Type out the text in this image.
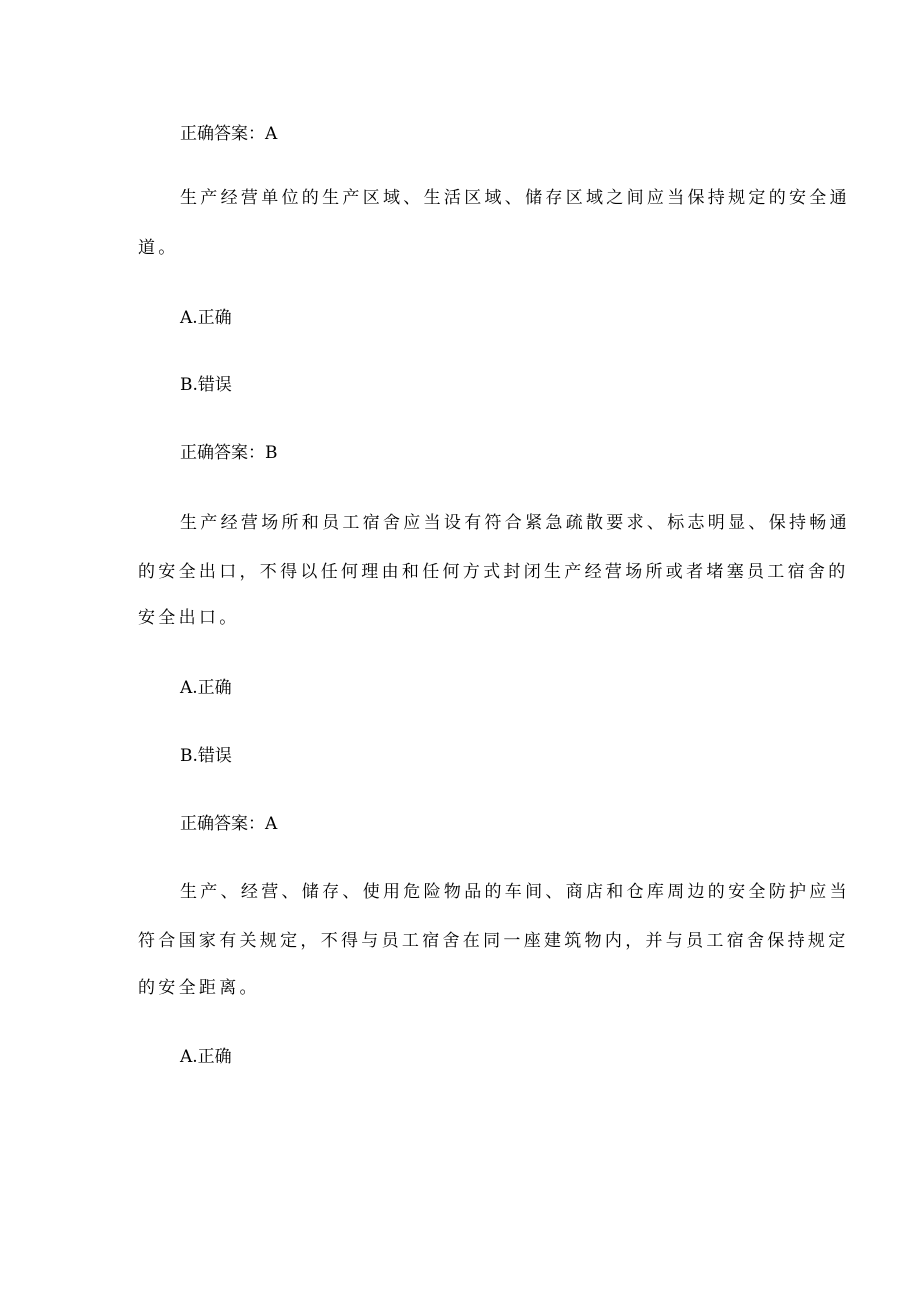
正确答案：A
生产经营单位的生产区域、生活区域、储存区域之间应当保持规定的安全通
道。
A.正确
B.错误
正确答案：B
生产经营场所和员工宿舍应当设有符合紧急疏散要求、标志明显、保持畅通
的安全出口，不得以任何理由和任何方式封闭生产经营场所或者堵塞员工宿舍的
安全出口。
A.正确
B.错误
正确答案：A
生产、经营、储存、使用危险物品的车间、商店和仓库周边的安全防护应当
符合国家有关规定，不得与员工宿舍在同一座建筑物内，并与员工宿舍保持规定
的安全距离。
A.正确
